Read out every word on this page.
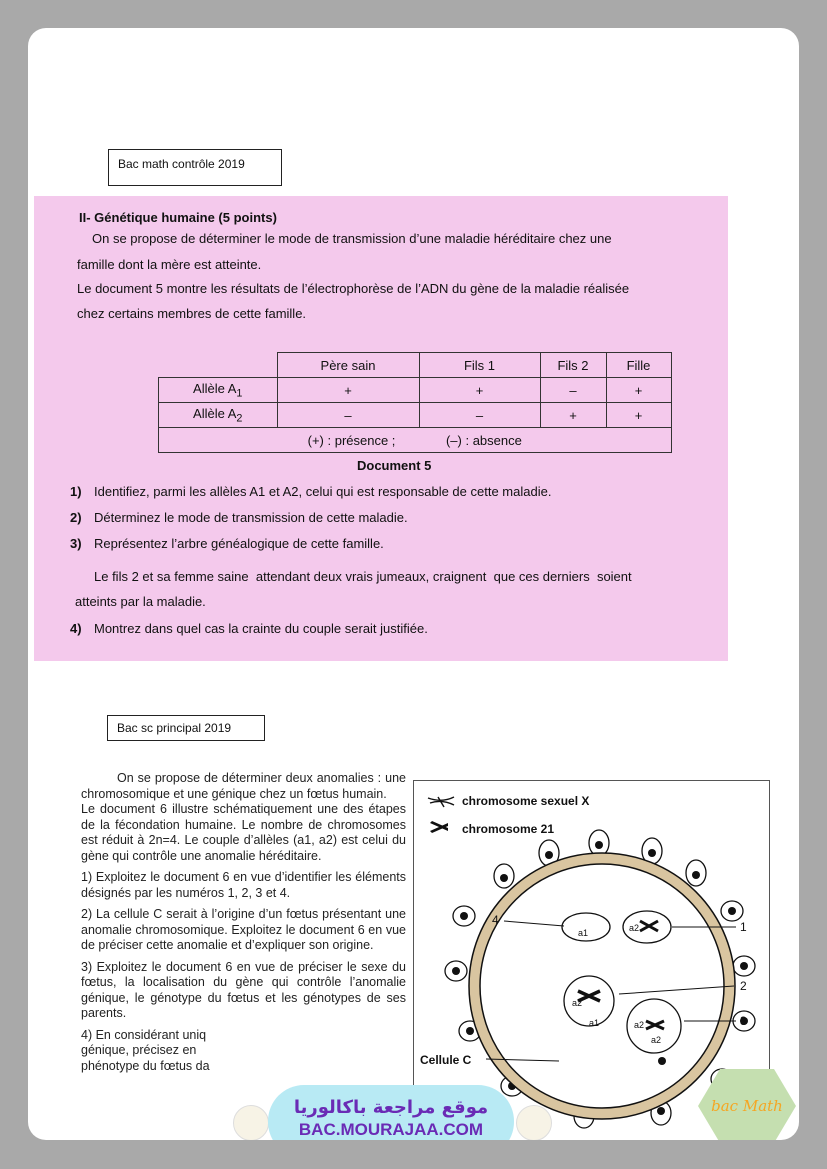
Bac math contrôle 2019
II- Génétique humaine (5 points)
On se propose de déterminer le mode de transmission d’une maladie héréditaire chez une
famille dont la mère est atteinte.
Le document 5 montre les résultats de l’électrophorèse de l’ADN du gène de la maladie réalisée
chez certains membres de cette famille.
	Père sain	Fils 1	Fils 2	Fille
Allèle $A_1$	+	+	–	+
Allèle $A_2$	–	–	+	+
(+) : présence ;              (–) : absence				
Document 5
1) Identifiez, parmi les allèles A1 et A2, celui qui est responsable de cette maladie.
2) Déterminez le mode de transmission de cette maladie.
3) Représentez l’arbre généalogique de cette famille.
Le fils 2 et sa femme saine  attendant deux vrais jumeaux, craignent  que ces derniers  soient
atteints par la maladie.
4) Montrez dans quel cas la crainte du couple serait justifiée.
Bac sc principal 2019

On se propose de déterminer deux anomalies : une chromosomique et une génique chez un fœtus humain.

Le document 6 illustre schématiquement une des étapes de la fécondation humaine. Le nombre de chromosomes est réduit à 2n=4. Le couple d’allèles (a1, a2) est celui du gène qui contrôle une anomalie héréditaire.

1) Exploitez le document 6 en vue d’identifier les éléments désignés par les numéros 1, 2, 3 et 4.

2) La cellule C serait à l’origine d’un fœtus présentant une anomalie chromosomique. Exploitez le document 6 en vue de préciser cette anomalie et d’expliquer son origine.

3) Exploitez le document 6 en vue de préciser le sexe du fœtus, la localisation du gène qui contrôle l’anomalie génique, le génotype du fœtus et les génotypes de ses parents.

4) En considérant uniq
génique, précisez en
phénotype du fœtus da

chromosome sexuel X
chromosome 21
a1	a2
a2
a1	a2
a2
4	1
2
3
Cellule C
موقع مراجعة باكالوريا
BAC.MOURAJAA.COM
bac Math
